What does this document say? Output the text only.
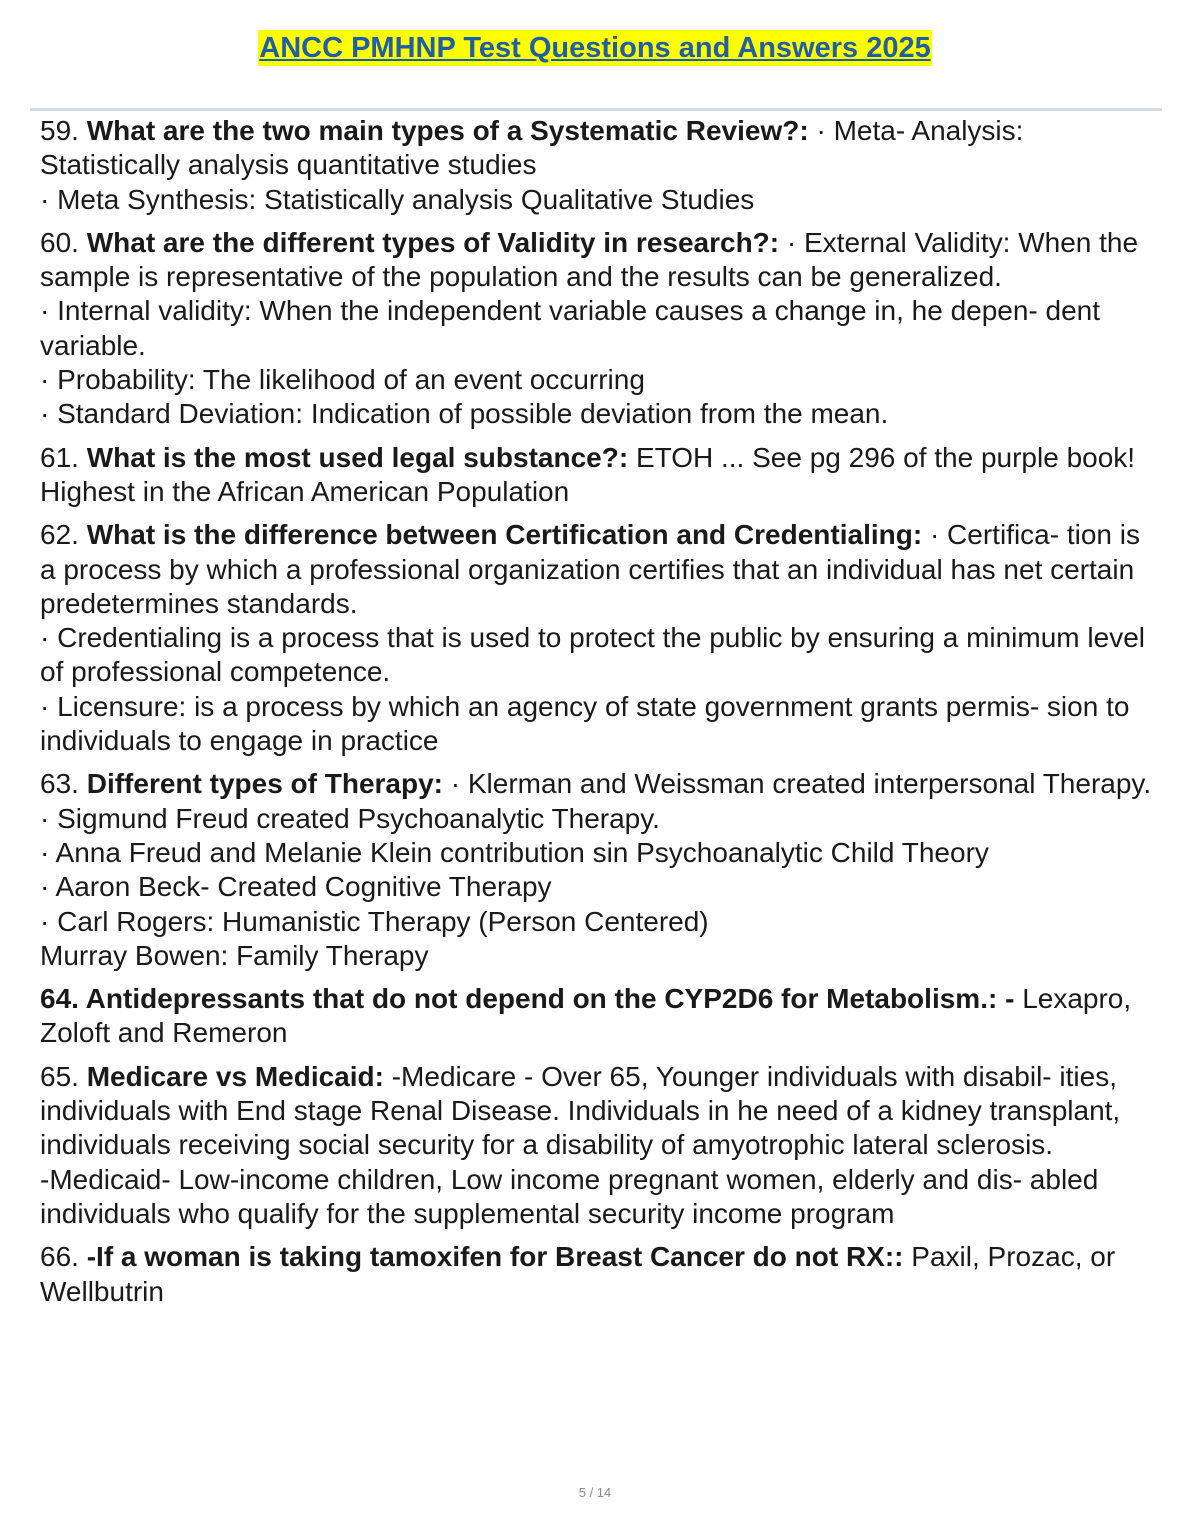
ANCC PMHNP Test Questions and Answers 2025

59. What are the two main types of a Systematic Review?: · Meta- Analysis: Statistically analysis quantitative studies

· Meta Synthesis: Statistically analysis Qualitative Studies

60. What are the different types of Validity in research?: · External Validity: When the sample is representative of the population and the results can be generalized.

· Internal validity: When the independent variable causes a change in, he depen- dent variable.

· Probability: The likelihood of an event occurring

· Standard Deviation: Indication of possible deviation from the mean.

61. What is the most used legal substance?: ETOH ... See pg 296 of the purple book! Highest in the African American Population

62. What is the difference between Certification and Credentialing: · Certifica- tion is a process by which a professional organization certifies that an individual has net certain predetermines standards.

· Credentialing is a process that is used to protect the public by ensuring a minimum level of professional competence.

· Licensure: is a process by which an agency of state government grants permis- sion to individuals to engage in practice

63. Different types of Therapy: · Klerman and Weissman created interpersonal Therapy.

· Sigmund Freud created Psychoanalytic Therapy.

· Anna Freud and Melanie Klein contribution sin Psychoanalytic Child Theory

· Aaron Beck- Created Cognitive Therapy

· Carl Rogers: Humanistic Therapy (Person Centered)

Murray Bowen: Family Therapy

64. Antidepressants that do not depend on the CYP2D6 for Metabolism.: - Lexapro, Zoloft and Remeron

65. Medicare vs Medicaid: -Medicare - Over 65, Younger individuals with disabil- ities, individuals with End stage Renal Disease. Individuals in he need of a kidney transplant, individuals receiving social security for a disability of amyotrophic lateral sclerosis.

-Medicaid- Low-income children, Low income pregnant women, elderly and dis- abled individuals who qualify for the supplemental security income program

66. -If a woman is taking tamoxifen for Breast Cancer do not RX:: Paxil, Prozac, or Wellbutrin

5 / 14
